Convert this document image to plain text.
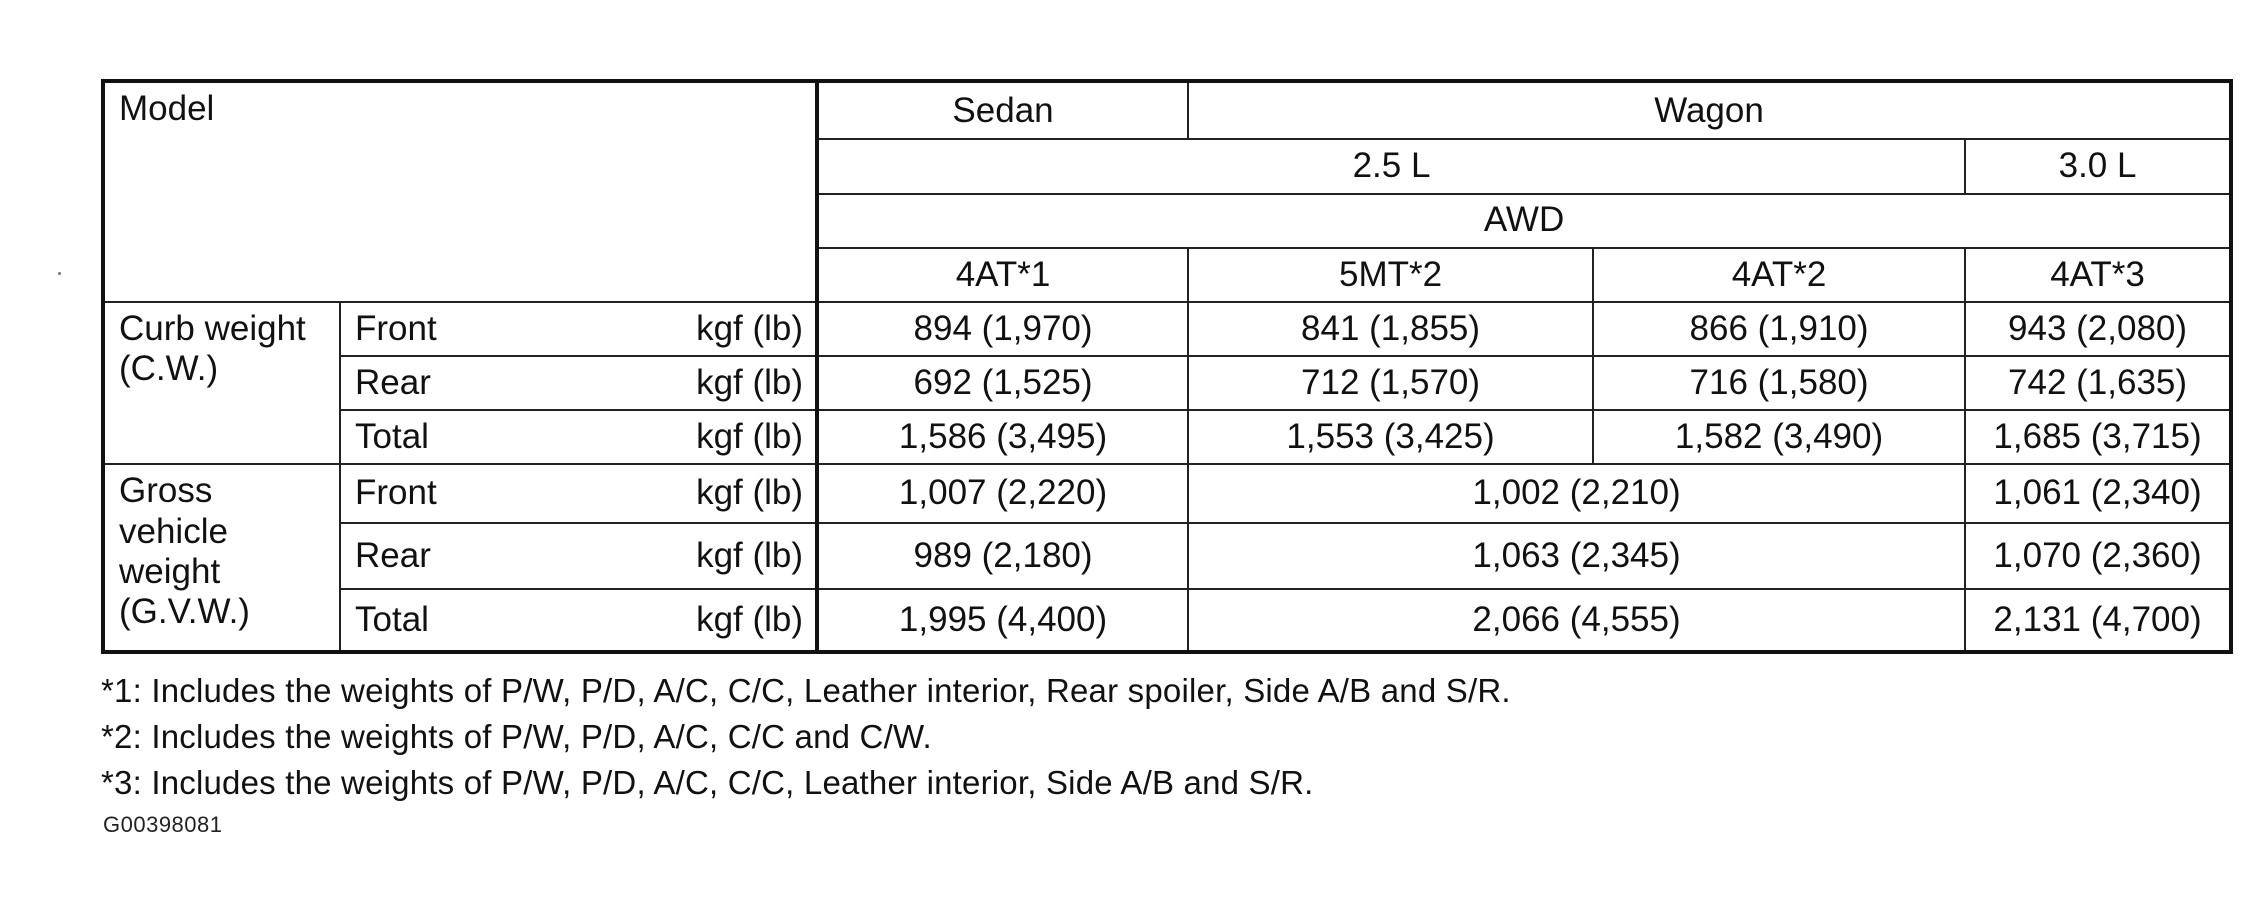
Model			Sedan	Wagon		
			2.5 L			3.0 L
			AWD			
			4AT*1	5MT*2	4AT*2	4AT*3
Curb weight
(C.W.)	Front	kgf (lb)	894 (1,970)	841 (1,855)	866 (1,910)	943 (2,080)
	Rear	kgf (lb)	692 (1,525)	712 (1,570)	716 (1,580)	742 (1,635)
	Total	kgf (lb)	1,586 (3,495)	1,553 (3,425)	1,582 (3,490)	1,685 (3,715)
Gross
vehicle
weight
(G.V.W.)	Front	kgf (lb)	1,007 (2,220)	1,002 (2,210)		1,061 (2,340)
	Rear	kgf (lb)	989 (2,180)	1,063 (2,345)		1,070 (2,360)
	Total	kgf (lb)	1,995 (4,400)	2,066 (4,555)		2,131 (4,700)
*1: Includes the weights of P/W, P/D, A/C, C/C, Leather interior, Rear spoiler, Side A/B and S/R.
*2: Includes the weights of P/W, P/D, A/C, C/C and C/W.
*3: Includes the weights of P/W, P/D, A/C, C/C, Leather interior, Side A/B and S/R.
G00398081
